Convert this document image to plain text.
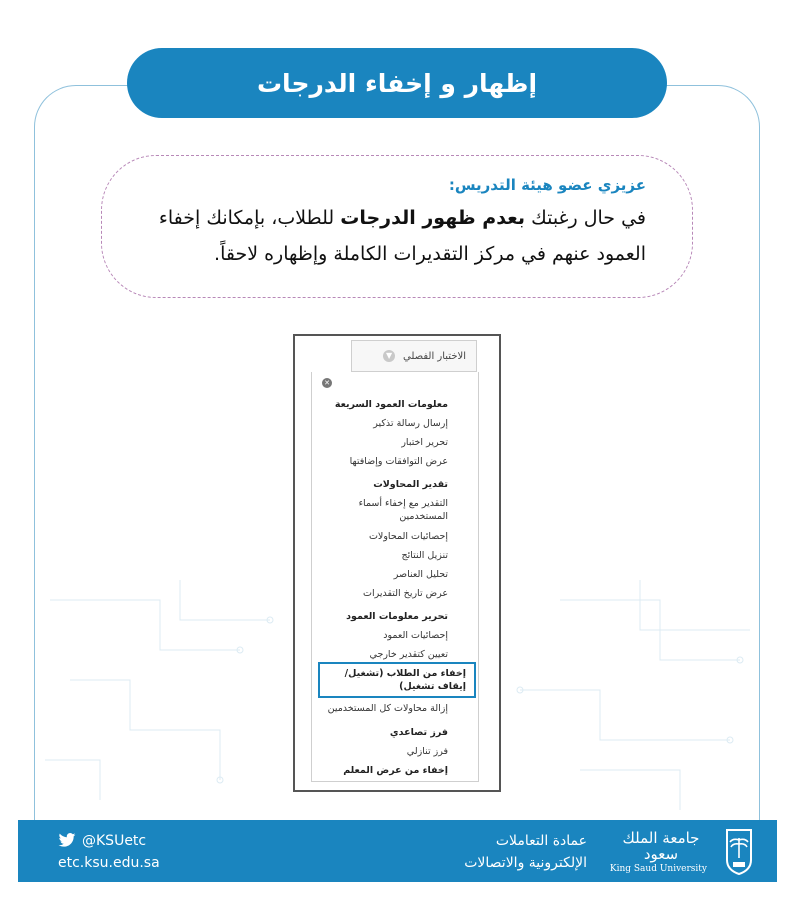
إظهار و إخفاء الدرجات

عزيزي عضو هيئة التدريس:

في حال رغبتك بعدم ظهور الدرجات للطلاب، بإمكانك إخفاء العمود عنهم في مركز التقديرات الكاملة وإظهاره لاحقاً.

الاختبار الفصلي
▼
✕
معلومات العمود السريعة
إرسال رسالة تذكير
تحرير اختبار
عرض التوافقات وإضافتها
تقدير المحاولات
التقدير مع إخفاء أسماء المستخدمين
إحصائيات المحاولات
تنزيل النتائج
تحليل العناصر
عرض تاريخ التقديرات
تحرير معلومات العمود
إحصائيات العمود
تعيين كتقدير خارجي
إخفاء من الطلاب (تشغيل/ إيقاف تشغيل)
إزالة محاولات كل المستخدمين
فرز تصاعدي
فرز تنازلي
إخفاء من عرض المعلم
@KSUetc
etc.ksu.edu.sa
عمادة التعاملات
الإلكترونية والاتصالات
جامعة الملك سعود
King Saud University
